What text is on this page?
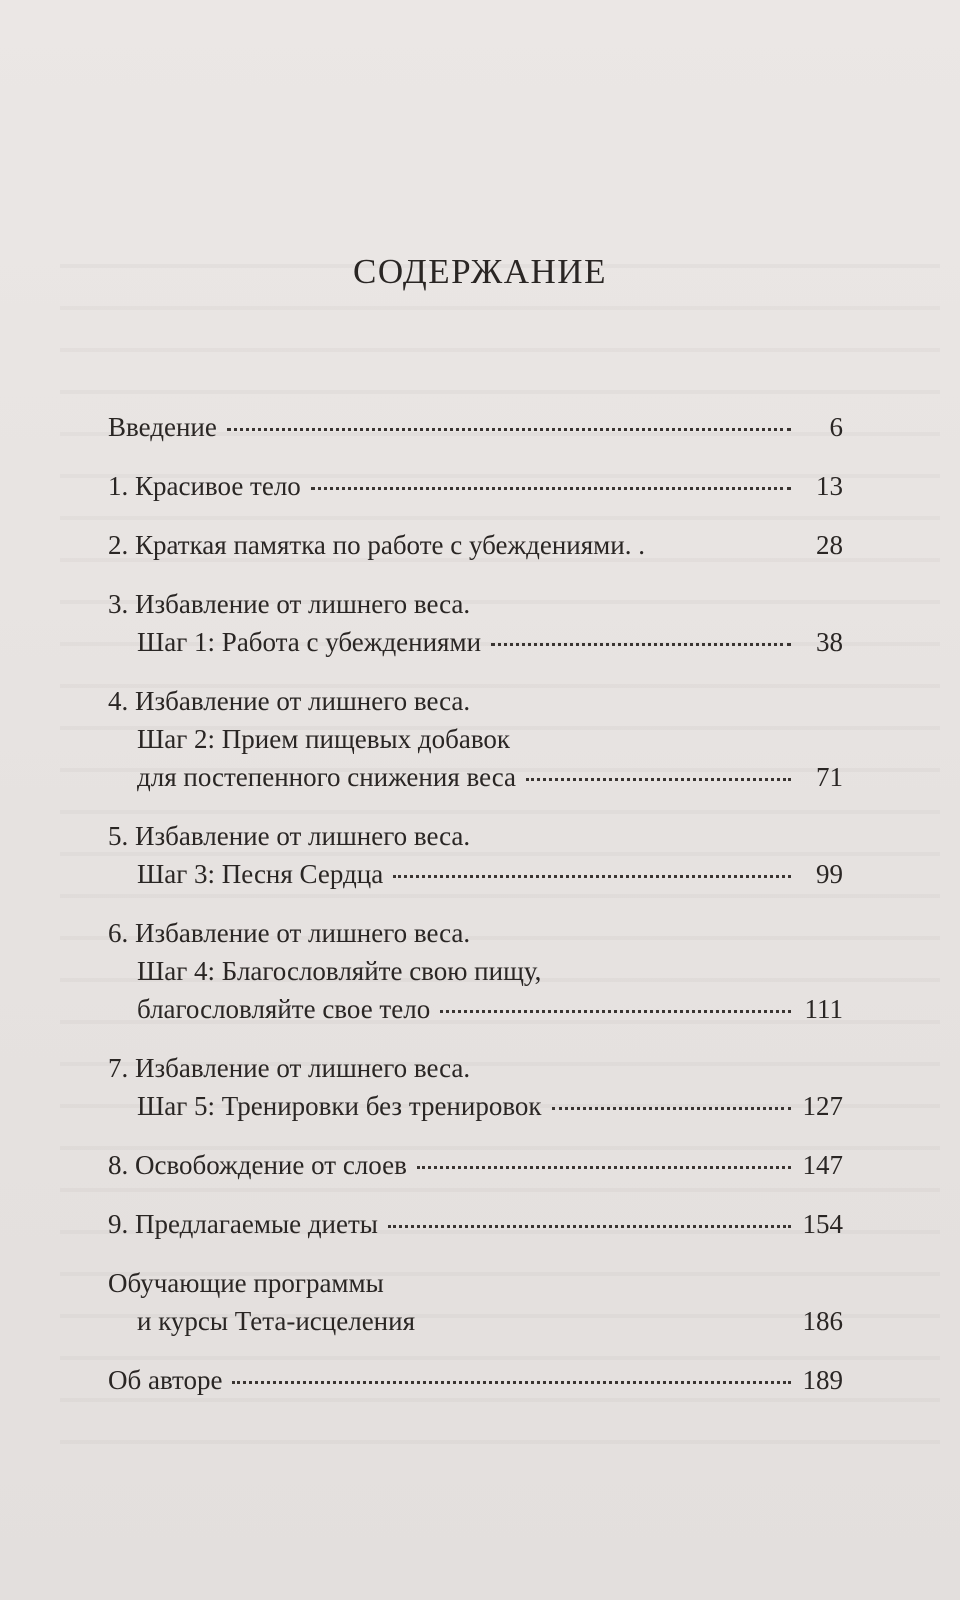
СОДЕРЖАНИЕ
Введение	6
1. Красивое тело	13
2. Краткая памятка по работе с убеждениями. .	28
3. Избавление от лишнего веса.
Шаг 1: Работа с убеждениями	38
4. Избавление от лишнего веса.
Шаг 2: Прием пищевых добавок
для постепенного снижения веса	71
5. Избавление от лишнего веса.
Шаг 3: Песня Сердца	99
6. Избавление от лишнего веса.
Шаг 4: Благословляйте свою пищу,
благословляйте свое тело	111
7. Избавление от лишнего веса.
Шаг 5: Тренировки без тренировок	127
8. Освобождение от слоев	147
9. Предлагаемые диеты	154
Обучающие программы
и курсы Тета-исцеления	186
Об авторе	189
